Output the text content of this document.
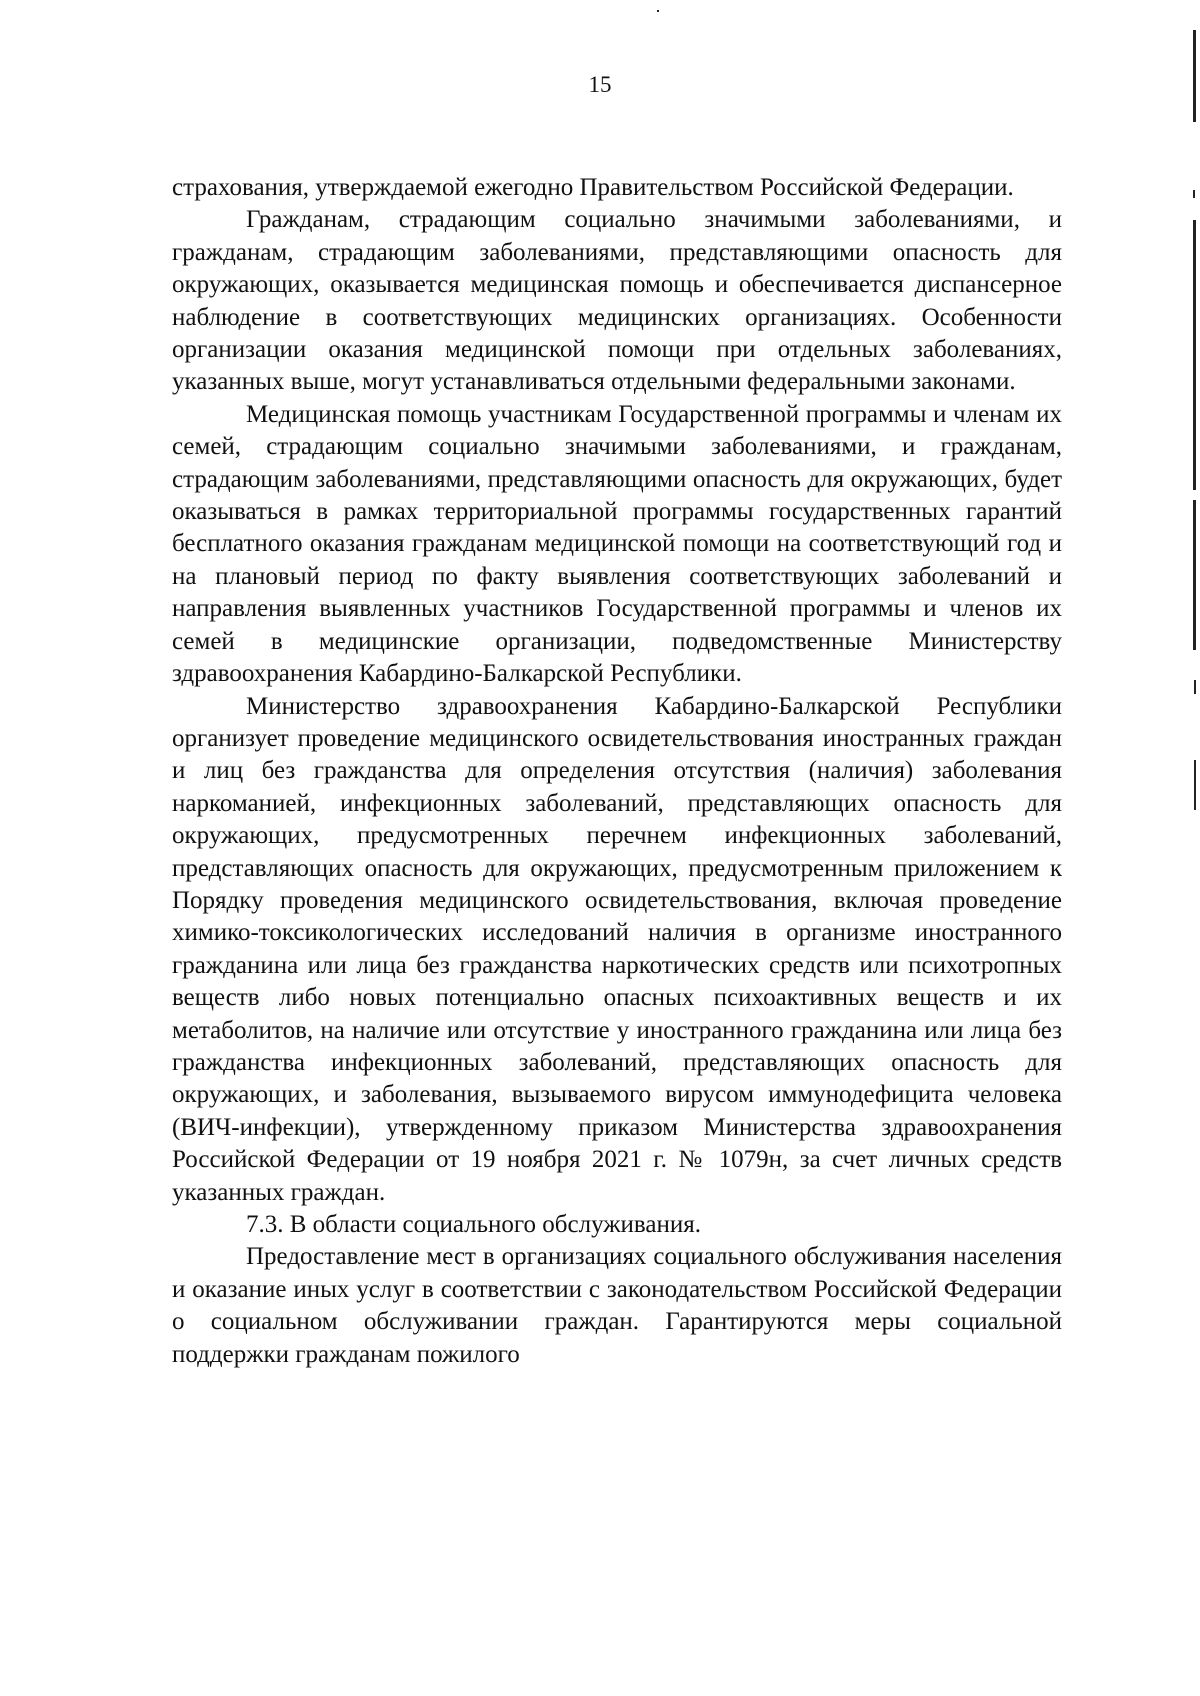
15

страхования, утверждаемой ежегодно Правительством Российской Федерации.

Гражданам, страдающим социально значимыми заболеваниями, и гражданам, страдающим заболеваниями, представляющими опасность для окружающих, оказывается медицинская помощь и обеспечивается диспансерное наблюдение в соответствующих медицинских организациях. Особенности организации оказания медицинской помощи при отдельных заболеваниях, указанных выше, могут устанавливаться отдельными федеральными законами.

Медицинская помощь участникам Государственной программы и членам их семей, страдающим социально значимыми заболеваниями, и гражданам, страдающим заболеваниями, представляющими опасность для окружающих, будет оказываться в рамках территориальной программы государственных гарантий бесплатного оказания гражданам медицинской помощи на соответствующий год и на плановый период по факту выявления соответствующих заболеваний и направления выявленных участников Государственной программы и членов их семей в медицинские организации, подведомственные Министерству здравоохранения Кабардино-Балкарской Республики.

Министерство здравоохранения Кабардино-Балкарской Республики организует проведение медицинского освидетельствования иностранных граждан и лиц без гражданства для определения отсутствия (наличия) заболевания наркоманией, инфекционных заболеваний, представляющих опасность для окружающих, предусмотренных перечнем инфекционных заболеваний, представляющих опасность для окружающих, предусмотренным приложением к Порядку проведения медицинского освидетельствования, включая проведение химико-токсикологических исследований наличия в организме иностранного гражданина или лица без гражданства наркотических средств или психотропных веществ либо новых потенциально опасных психоактивных веществ и их метаболитов, на наличие или отсутствие у иностранного гражданина или лица без гражданства инфекционных заболеваний, представляющих опасность для окружающих, и заболевания, вызываемого вирусом иммунодефицита человека (ВИЧ-инфекции), утвержденному приказом Министерства здравоохранения Российской Федерации от 19 ноября 2021 г. № 1079н, за счет личных средств указанных граждан.

7.3. В области социального обслуживания.

Предоставление мест в организациях социального обслуживания населения и оказание иных услуг в соответствии с законодательством Российской Федерации о социальном обслуживании граждан. Гарантируются меры социальной поддержки гражданам пожилого
